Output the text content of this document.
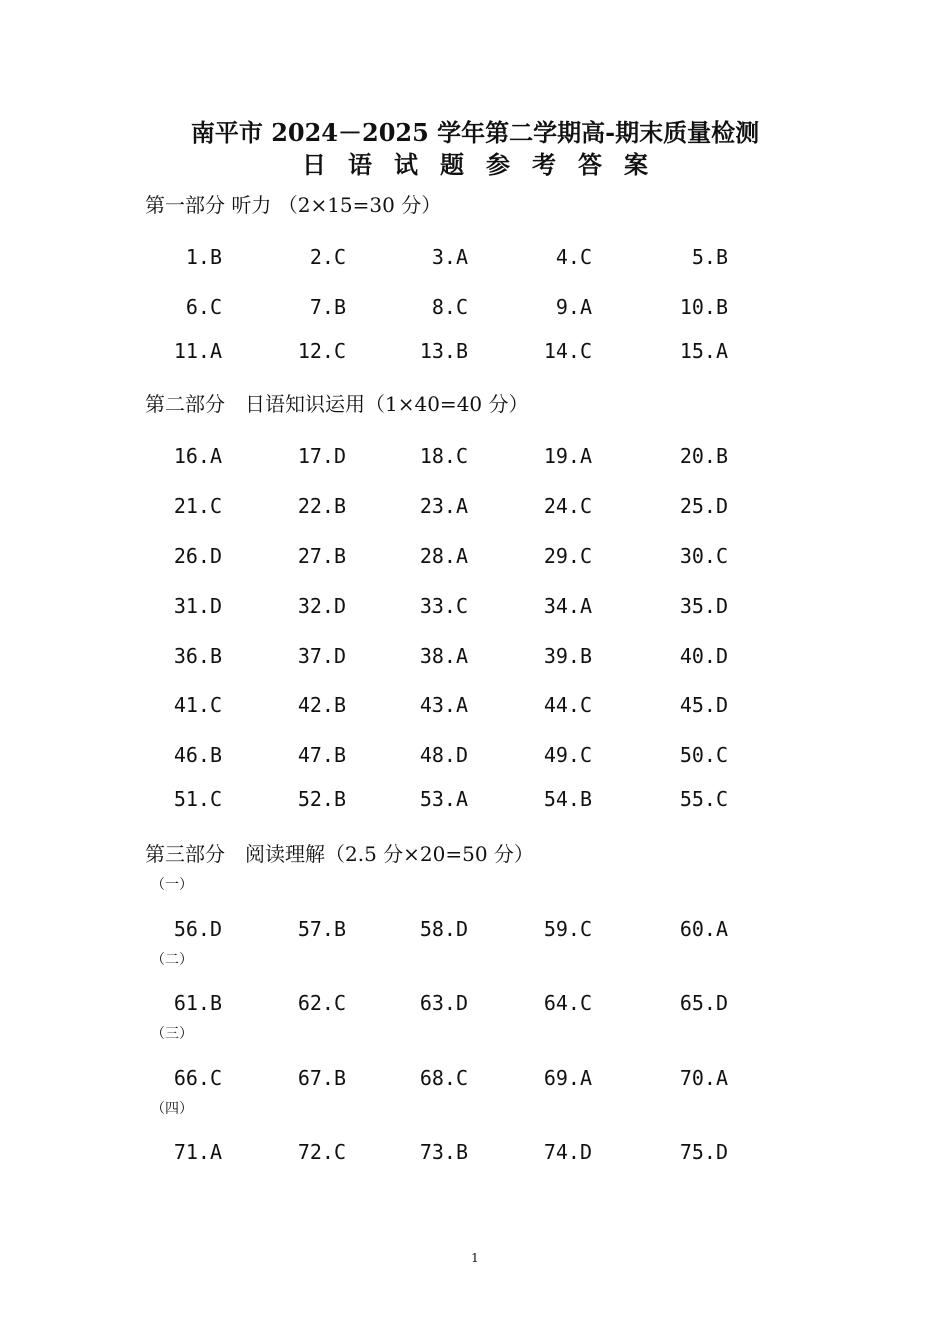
南平市 2024－2025 学年第二学期高-期末质量检测
日语试题参考答案
第一部分 听力 （2×15=30 分）
1.B	2.C	3.A	4.C	5.B
6.C	7.B	8.C	9.A	10.B
11.A	12.C	13.B	14.C	15.A
第二部分　日语知识运用（1×40=40 分）
16.A	17.D	18.C	19.A	20.B
21.C	22.B	23.A	24.C	25.D
26.D	27.B	28.A	29.C	30.C
31.D	32.D	33.C	34.A	35.D
36.B	37.D	38.A	39.B	40.D
41.C	42.B	43.A	44.C	45.D
46.B	47.B	48.D	49.C	50.C
51.C	52.B	53.A	54.B	55.C
第三部分　阅读理解（2.5 分×20=50 分）
（一）
56.D	57.B	58.D	59.C	60.A
（二）
61.B	62.C	63.D	64.C	65.D
（三）
66.C	67.B	68.C	69.A	70.A
（四）
71.A	72.C	73.B	74.D	75.D
1
